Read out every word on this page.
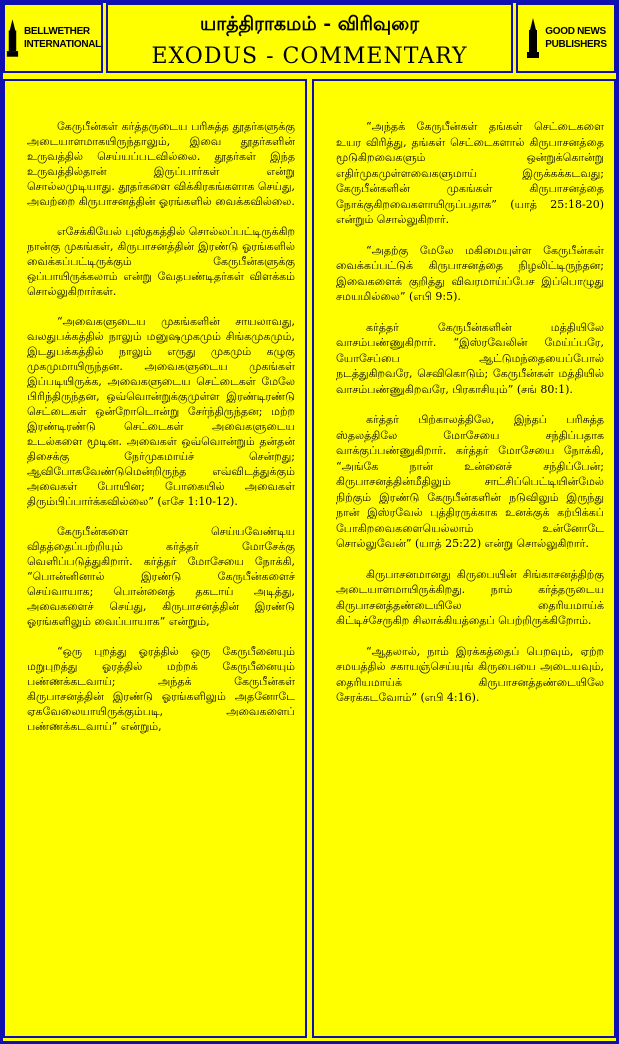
BELLWETHER
INTERNATIONAL
யாத்திராகமம் - விரிவுரை
EXODUS - COMMENTARY
GOOD NEWS
PUBLISHERS

கேருபீன்கள் கர்த்தருடைய பரிசுத்த தூதர்களுக்கு அடையாளமாகயிருந்தாலும், இவை தூதர்களின் உருவத்தில் செய்யப்படவில்லை. தூதர்கள் இந்த உருவத்தில்தான் இருப்பார்கள் என்று சொல்லமுடியாது. தூதர்களை விக்கிரகங்களாக செய்து, அவற்றை கிருபாசனத்தின் ஓரங்களில் வைக்கவில்லை.

எசேக்கியேல் புஸ்தகத்தில் சொல்லப்பட்டிருக்கிற நான்கு முகங்கள், கிருபாசனத்தின் இரண்டு ஓரங்களில் வைக்கப்பட்டிருக்கும் கேருபீன்களுக்கு ஒப்பாயிருக்கலாம் என்று வேதபண்டிதர்கள் விளக்கம் சொல்லுகிறார்கள்.

“அவைகளுடைய முகங்களின் சாயலாவது, வலதுபக்கத்தில் நாலும் மனுஷமுகமும் சிங்கமுகமும், இடதுபக்கத்தில் நாலும் எருது முகமும் கழுகு முகமுமாயிருந்தன. அவைகளுடைய முகங்கள் இப்படியிருக்க, அவைகளுடைய செட்டைகள் மேலே பிரிந்திருந்தன, ஒவ்வொன்றுக்குமுள்ள இரண்டிரண்டு செட்டைகள் ஒன்றோடொன்று சேர்ந்திருந்தன; மற்ற இரண்டிரண்டு செட்டைகள் அவைகளுடைய உடல்களை மூடின. அவைகள் ஒவ்வொன்றும் தன்தன் திசைக்கு நேர்முகமாய்ச் சென்றது; ஆவிபோகவேண்டுமென்றிருந்த எவ்விடத்துக்கும் அவைகள் போயின; போகையில் அவைகள் திரும்பிப்பார்க்கவில்லை” (எசே 1:10-12).

கேருபீன்களை செய்யவேண்டிய விதத்தைப்பற்றியும் கர்த்தர் மோசேக்கு வெளிப்படுத்துகிறார். கர்த்தர் மோசேயை நோக்கி, “பொன்னினால் இரண்டு கேருபீன்களைச் செய்வாயாக; பொன்னைத் தகடாய் அடித்து, அவைகளைச் செய்து, கிருபாசனத்தின் இரண்டு ஓரங்களிலும் வைப்பாயாக” என்றும்,

“ஒரு புறத்து ஓரத்தில் ஒரு கேருபீனையும் மறுபுறத்து ஓரத்தில் மற்றக் கேருபீனையும் பண்ணக்கடவாய்; அந்தக் கேருபீன்கள் கிருபாசனத்தின் இரண்டு ஓரங்களிலும் அதனோடே ஏகவேலையாயிருக்கும்படி, அவைகளைப் பண்ணக்கடவாய்” என்றும்,

“அந்தக் கேருபீன்கள் தங்கள் செட்டைகளை உயர விரித்து, தங்கள் செட்டைகளால் கிருபாசனத்தை மூடுகிறவைகளும் ஒன்றுக்கொன்று எதிர்முகமுள்ளவைகளுமாய் இருக்கக்கடவது; கேருபீன்களின் முகங்கள் கிருபாசனத்தை நோக்குகிறவைகளாயிருப்பதாக” (யாத் 25:18-20) என்றும் சொல்லுகிறார்.

“அதற்கு மேலே மகிமையுள்ள கேருபீன்கள் வைக்கப்பட்டுக் கிருபாசனத்தை நிழலிட்டிருந்தன; இவைகளைக் குறித்து விவரமாய்ப்பேச இப்பொழுது சமயமில்லை” (எபி 9:5).

கர்த்தர் கேருபீன்களின் மத்தியிலே வாசம்பண்ணுகிறார். “இஸ்ரவேலின் மேய்ப்பரே, யோசேப்பை ஆட்டுமந்தையைப்போல் நடத்துகிறவரே, செவிகொடும்; கேருபீன்கள் மத்தியில் வாசம்பண்ணுகிறவரே, பிரகாசியும்” (சங் 80:1).

கர்த்தர் பிற்காலத்திலே, இந்தப் பரிசுத்த ஸ்தலத்திலே மோசேயை சந்திப்பதாக வாக்குப்பண்ணுகிறார். கர்த்தர் மோசேயை நோக்கி, “அங்கே நான் உன்னைச் சந்திப்பேன்; கிருபாசனத்தின்மீதிலும் சாட்சிப்பெட்டியின்மேல் நிற்கும் இரண்டு கேருபீன்களின் நடுவிலும் இருந்து நான் இஸ்ரவேல் புத்திரருக்காக உனக்குக் கற்பிக்கப் போகிறவைகளையெல்லாம் உன்னோடே சொல்லுவேன்” (யாத் 25:22) என்று சொல்லுகிறார்.

கிருபாசனமானது கிருபையின் சிங்காசனத்திற்கு அடையாளமாயிருக்கிறது. நாம் கர்த்தருடைய கிருபாசனத்தண்டையிலே தைரியமாய்க் கிட்டிச்சேருகிற சிலாக்கியத்தைப் பெற்றிருக்கிறோம்.

“ஆதலால், நாம் இரக்கத்தைப் பெறவும், ஏற்ற சமயத்தில் சகாயஞ்செய்யுங் கிருபையை அடையவும், தைரியமாய்க் கிருபாசனத்தண்டையிலே சேரக்கடவோம்” (எபி 4:16).
